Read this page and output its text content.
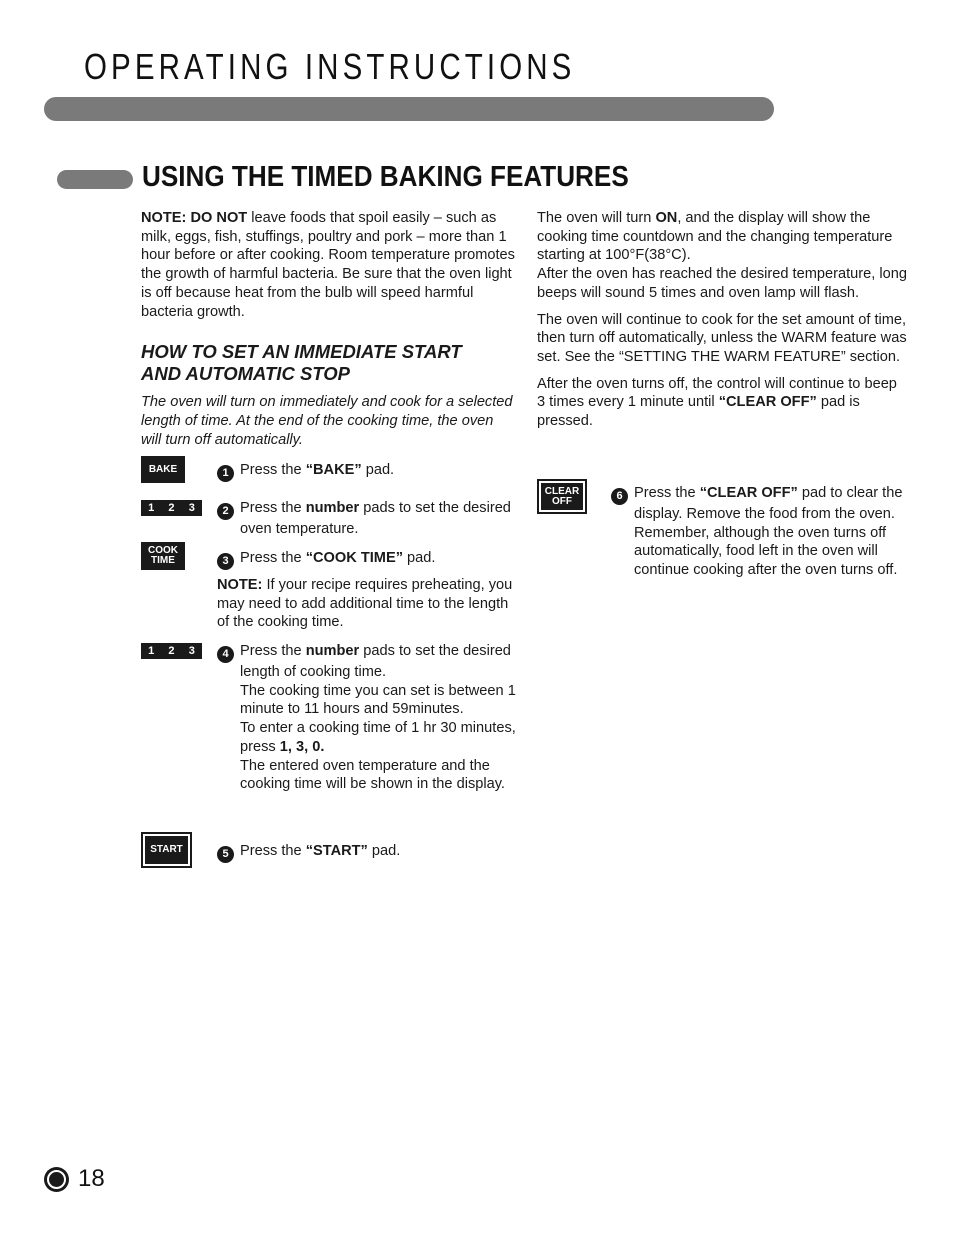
OPERATING INSTRUCTIONS
USING THE TIMED BAKING FEATURES

NOTE: DO NOT leave foods that spoil easily – such as milk, eggs, fish, stuffings, poultry and pork – more than 1 hour before or after cooking. Room temperature promotes the growth of harmful bacteria. Be sure that the oven light is off because heat from the bulb will speed harmful bacteria growth.

HOW TO SET AN IMMEDIATE START
AND AUTOMATIC STOP

The oven will turn on immediately and cook for a selected length of time. At the end of the cooking time, the oven will turn off automatically.

BAKE
1 2 3
COOK
TIME
1 2 3
START
1 Press the “BAKE” pad.
2 Press the number pads to set the desired oven temperature.
3 Press the “COOK TIME” pad.
NOTE: If your recipe requires preheating, you may need to add additional time to the length of the cooking time.
4 Press the number pads to set the desired length of cooking time.
The cooking time you can set is between 1 minute to 11 hours and 59minutes.
To enter a cooking time of 1 hr 30 minutes, press 1, 3, 0.
The entered oven temperature and the cooking time will be shown in the display.
5 Press the “START” pad.

The oven will turn ON, and the display will show the cooking time countdown and the changing temperature starting at 100°F(38°C).

After the oven has reached the desired temperature, long beeps will sound 5 times and oven lamp will flash.

The oven will continue to cook for the set amount of time, then turn off automatically, unless the WARM feature was set. See the “SETTING THE WARM FEATURE” section.

After the oven turns off, the control will continue to beep 3 times every 1 minute until “CLEAR OFF” pad is pressed.

CLEAR
OFF	6 Press the “CLEAR OFF” pad to clear the display. Remove the food from the oven. Remember, although the oven turns off automatically, food left in the oven will continue cooking after the oven turns off.
18
